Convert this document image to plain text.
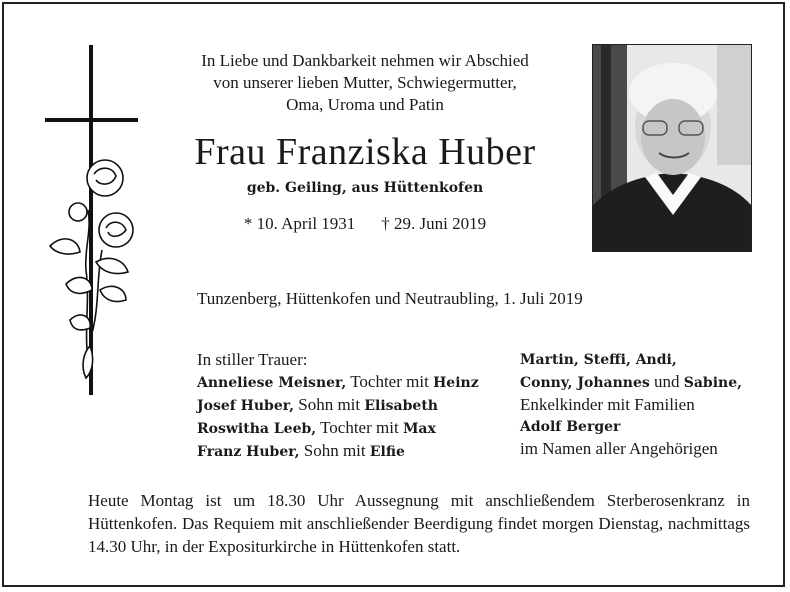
In Liebe und Dankbarkeit nehmen wir Abschied
von unserer lieben Mutter, Schwiegermutter,
Oma, Uroma und Patin
Frau Franziska Huber
geb. Geiling, aus Hüttenkofen
* 10. April 1931 † 29. Juni 2019
Tunzenberg, Hüttenkofen und Neutraubling, 1. Juli 2019
In stiller Trauer:
Anneliese Meisner, Tochter mit Heinz
Josef Huber, Sohn mit Elisabeth
Roswitha Leeb, Tochter mit Max
Franz Huber, Sohn mit Elfie
Martin, Steffi, Andi,
Conny, Johannes und Sabine,
Enkelkinder mit Familien
Adolf Berger
im Namen aller Angehörigen
Heute Montag ist um 18.30 Uhr Aussegnung mit anschließendem Sterberosenkranz in Hüttenkofen. Das Requiem mit anschließender Beerdigung findet morgen Dienstag, nachmittags 14.30 Uhr, in der Expositurkirche in Hüttenkofen statt.
